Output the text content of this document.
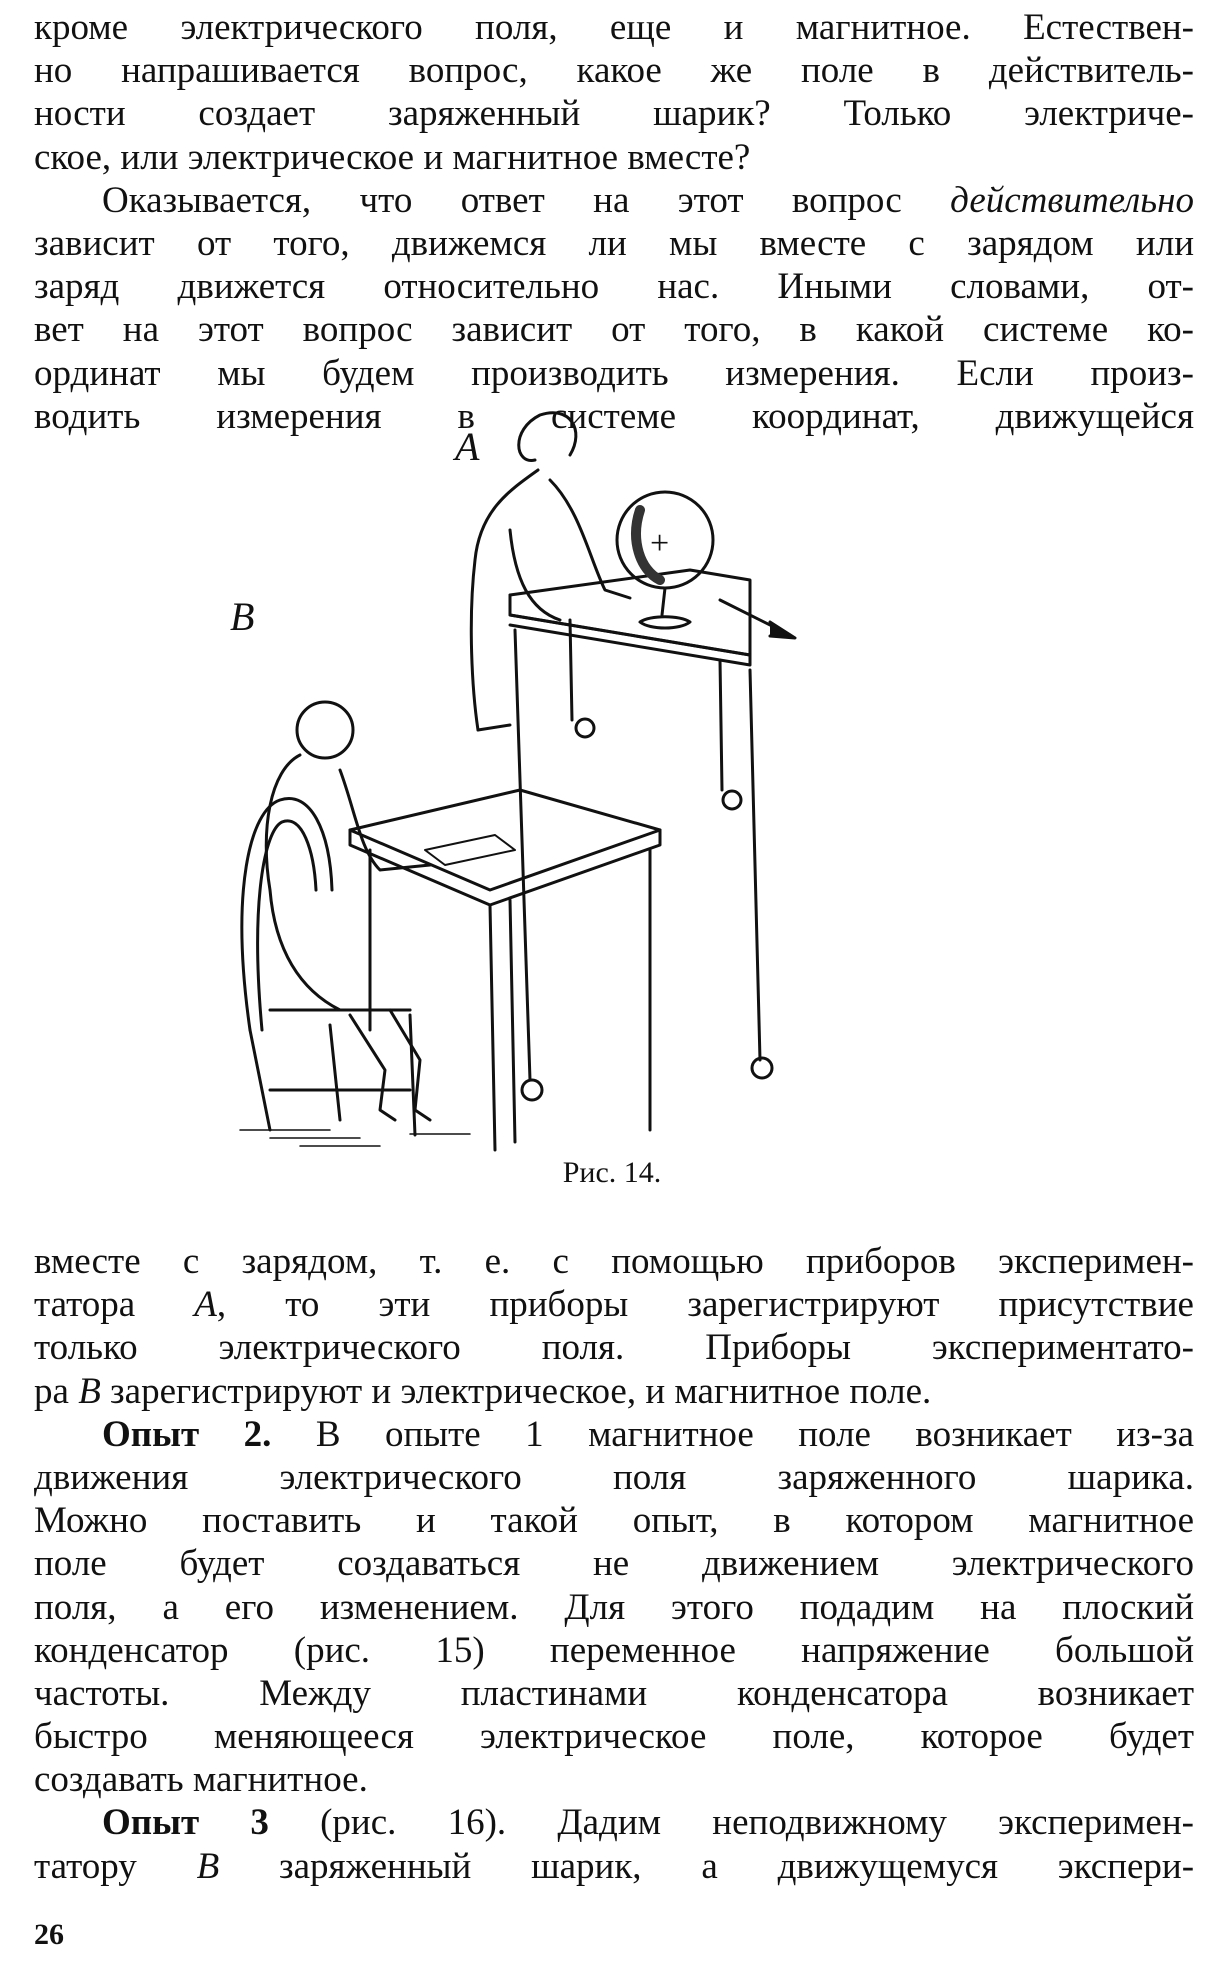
кроме электрического поля, еще и магнитное. Естествен-
но напрашивается вопрос, какое же поле в действитель-
ности создает заряженный шарик? Только электриче-
ское, или электрическое и магнитное вместе?
Оказывается, что ответ на этот вопрос действительно
зависит от того, движемся ли мы вместе с зарядом или
заряд движется относительно нас. Иными словами, от-
вет на этот вопрос зависит от того, в какой системе ко-
ординат мы будем производить измерения. Если произ-
водить измерения в системе координат, движущейся
+
A
B
Рис. 14.
вместе с зарядом, т. е. с помощью приборов эксперимен-
татора А, то эти приборы зарегистрируют присутствие
только электрического поля. Приборы экспериментато-
ра В зарегистрируют и электрическое, и магнитное поле.
Опыт 2. В опыте 1 магнитное поле возникает из-за
движения электрического поля заряженного шарика.
Можно поставить и такой опыт, в котором магнитное
поле будет создаваться не движением электрического
поля, а его изменением. Для этого подадим на плоский
конденсатор (рис. 15) переменное напряжение большой
частоты. Между пластинами конденсатора возникает
быстро меняющееся электрическое поле, которое будет
создавать магнитное.
Опыт 3 (рис. 16). Дадим неподвижному эксперимен-
татору В заряженный шарик, а движущемуся экспери-
26
